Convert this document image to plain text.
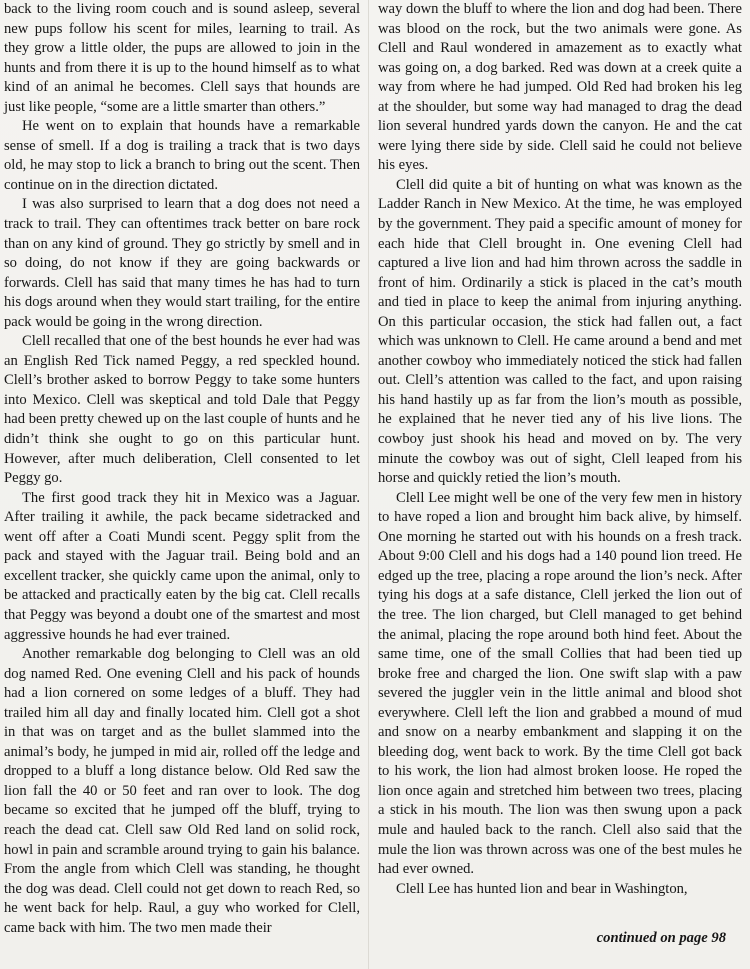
back to the living room couch and is sound asleep, several new pups follow his scent for miles, learning to trail. As they grow a little older, the pups are allowed to join in the hunts and from there it is up to the hound himself as to what kind of an animal he becomes. Clell says that hounds are just like people, “some are a little smarter than others.”

He went on to explain that hounds have a remarkable sense of smell. If a dog is trailing a track that is two days old, he may stop to lick a branch to bring out the scent. Then continue on in the direction dictated.

I was also surprised to learn that a dog does not need a track to trail. They can oftentimes track better on bare rock than on any kind of ground. They go strictly by smell and in so doing, do not know if they are going backwards or forwards. Clell has said that many times he has had to turn his dogs around when they would start trailing, for the entire pack would be going in the wrong direction.

Clell recalled that one of the best hounds he ever had was an English Red Tick named Peggy, a red speckled hound. Clell’s brother asked to borrow Peggy to take some hunters into Mexico. Clell was skeptical and told Dale that Peggy had been pretty chewed up on the last couple of hunts and he didn’t think she ought to go on this particular hunt. However, after much deliberation, Clell consented to let Peggy go.

The first good track they hit in Mexico was a Jaguar. After trailing it awhile, the pack became sidetracked and went off after a Coati Mundi scent. Peggy split from the pack and stayed with the Jaguar trail. Being bold and an excellent tracker, she quickly came upon the animal, only to be attacked and practically eaten by the big cat. Clell recalls that Peggy was beyond a doubt one of the smartest and most aggressive hounds he had ever trained.

Another remarkable dog belonging to Clell was an old dog named Red. One evening Clell and his pack of hounds had a lion cornered on some ledges of a bluff. They had trailed him all day and finally located him. Clell got a shot in that was on target and as the bullet slammed into the animal’s body, he jumped in mid air, rolled off the ledge and dropped to a bluff a long distance below. Old Red saw the lion fall the 40 or 50 feet and ran over to look. The dog became so excited that he jumped off the bluff, trying to reach the dead cat. Clell saw Old Red land on solid rock, howl in pain and scramble around trying to gain his balance. From the angle from which Clell was standing, he thought the dog was dead. Clell could not get down to reach Red, so he went back for help. Raul, a guy who worked for Clell, came back with him. The two men made their

way down the bluff to where the lion and dog had been. There was blood on the rock, but the two animals were gone. As Clell and Raul wondered in amazement as to exactly what was going on, a dog barked. Red was down at a creek quite a way from where he had jumped. Old Red had broken his leg at the shoulder, but some way had managed to drag the dead lion several hundred yards down the canyon. He and the cat were lying there side by side. Clell said he could not believe his eyes.

Clell did quite a bit of hunting on what was known as the Ladder Ranch in New Mexico. At the time, he was employed by the government. They paid a specific amount of money for each hide that Clell brought in. One evening Clell had captured a live lion and had him thrown across the saddle in front of him. Ordinarily a stick is placed in the cat’s mouth and tied in place to keep the animal from injuring anything. On this particular occasion, the stick had fallen out, a fact which was unknown to Clell. He came around a bend and met another cowboy who immediately noticed the stick had fallen out. Clell’s attention was called to the fact, and upon raising his hand hastily up as far from the lion’s mouth as possible, he explained that he never tied any of his live lions. The cowboy just shook his head and moved on by. The very minute the cowboy was out of sight, Clell leaped from his horse and quickly retied the lion’s mouth.

Clell Lee might well be one of the very few men in history to have roped a lion and brought him back alive, by himself. One morning he started out with his hounds on a fresh track. About 9:00 Clell and his dogs had a 140 pound lion treed. He edged up the tree, placing a rope around the lion’s neck. After tying his dogs at a safe distance, Clell jerked the lion out of the tree. The lion charged, but Clell managed to get behind the animal, placing the rope around both hind feet. About the same time, one of the small Collies that had been tied up broke free and charged the lion. One swift slap with a paw severed the juggler vein in the little animal and blood shot everywhere. Clell left the lion and grabbed a mound of mud and snow on a nearby embankment and slapping it on the bleeding dog, went back to work. By the time Clell got back to his work, the lion had almost broken loose. He roped the lion once again and stretched him between two trees, placing a stick in his mouth. The lion was then swung upon a pack mule and hauled back to the ranch. Clell also said that the mule the lion was thrown across was one of the best mules he had ever owned.

Clell Lee has hunted lion and bear in Washington,

continued on page 98
